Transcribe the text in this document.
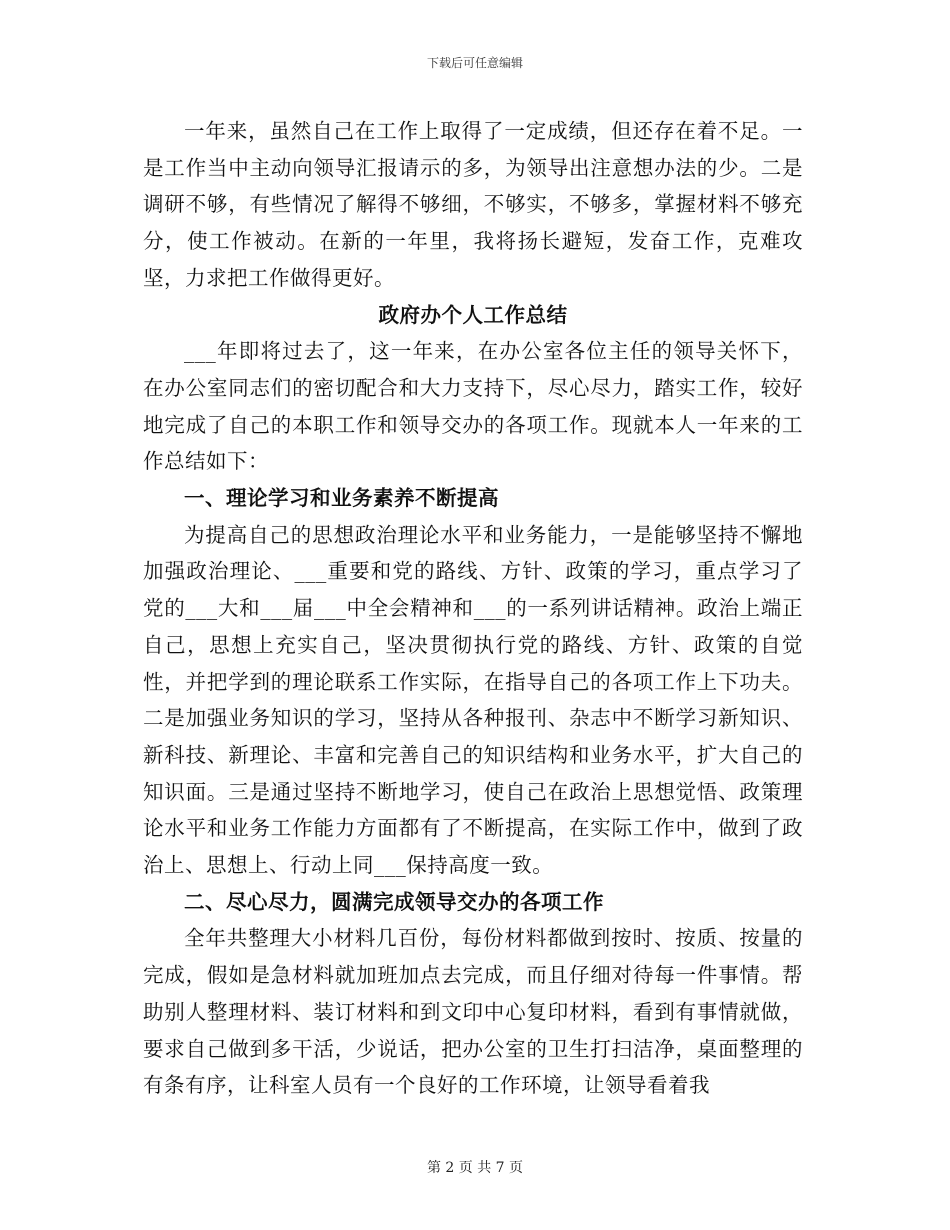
下载后可任意编辑

一年来，虽然自己在工作上取得了一定成绩，但还存在着不足。一是工作当中主动向领导汇报请示的多，为领导出注意想办法的少。二是调研不够，有些情况了解得不够细，不够实，不够多，掌握材料不够充分，使工作被动。在新的一年里，我将扬长避短，发奋工作，克难攻坚，力求把工作做得更好。

政府办个人工作总结

___年即将过去了，这一年来，在办公室各位主任的领导关怀下，在办公室同志们的密切配合和大力支持下，尽心尽力，踏实工作，较好地完成了自己的本职工作和领导交办的各项工作。现就本人一年来的工作总结如下：

一、理论学习和业务素养不断提高

为提高自己的思想政治理论水平和业务能力，一是能够坚持不懈地加强政治理论、___重要和党的路线、方针、政策的学习，重点学习了党的___大和___届___中全会精神和___的一系列讲话精神。政治上端正自己，思想上充实自己，坚决贯彻执行党的路线、方针、政策的自觉性，并把学到的理论联系工作实际，在指导自己的各项工作上下功夫。二是加强业务知识的学习，坚持从各种报刊、杂志中不断学习新知识、新科技、新理论、丰富和完善自己的知识结构和业务水平，扩大自己的知识面。三是通过坚持不断地学习，使自己在政治上思想觉悟、政策理论水平和业务工作能力方面都有了不断提高，在实际工作中，做到了政治上、思想上、行动上同___保持高度一致。

二、尽心尽力，圆满完成领导交办的各项工作

全年共整理大小材料几百份，每份材料都做到按时、按质、按量的完成，假如是急材料就加班加点去完成，而且仔细对待每一件事情。帮助别人整理材料、装订材料和到文印中心复印材料，看到有事情就做，要求自己做到多干活，少说话，把办公室的卫生打扫洁净，桌面整理的有条有序，让科室人员有一个良好的工作环境，让领导看着我

第 2 页 共 7 页
